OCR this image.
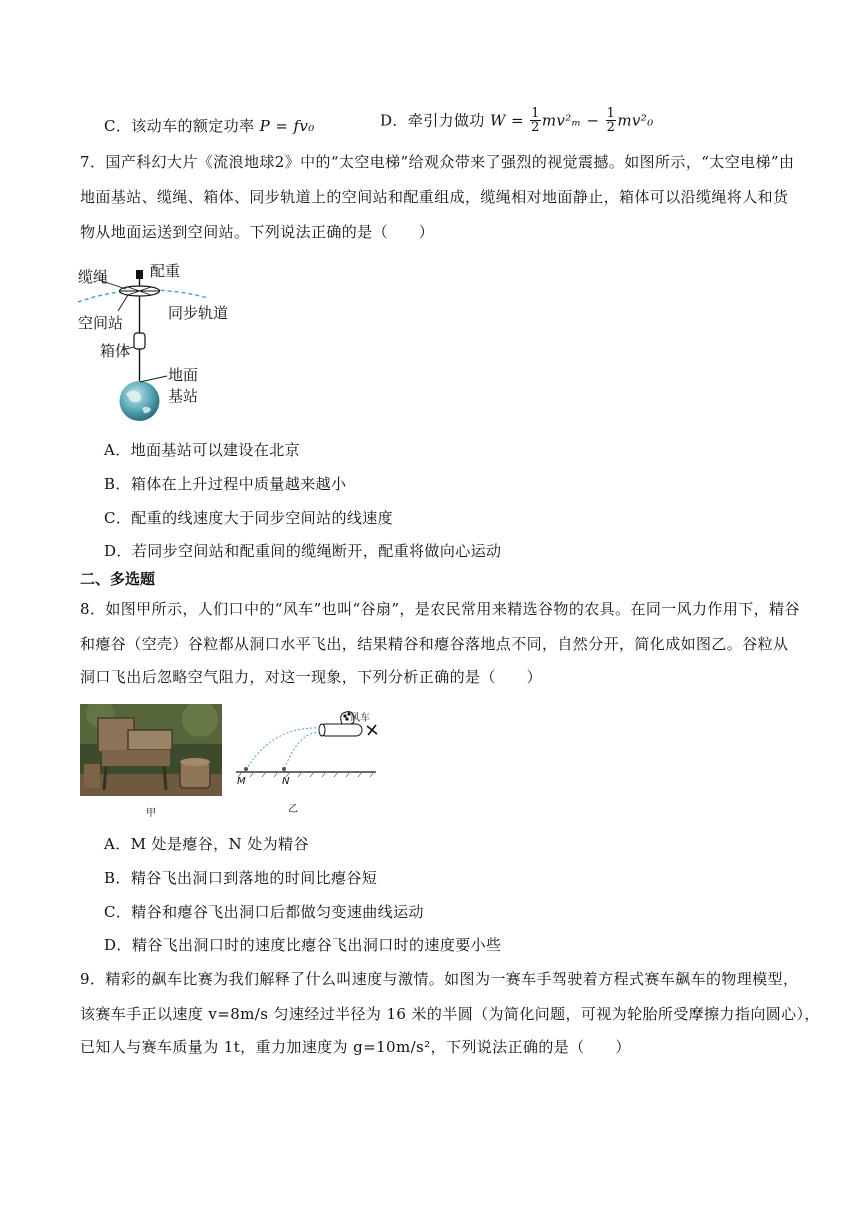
C．该动车的额定功率 P = fv₀	D．牵引力做功 $W = \frac{1}{2} mv^2_m - \frac{1}{2} mv^2_0$
7．国产科幻大片《流浪地球2》中的“太空电梯”给观众带来了强烈的视觉震撼。如图所示，“太空电梯”由
地面基站、缆绳、箱体、同步轨道上的空间站和配重组成，缆绳相对地面静止，箱体可以沿缆绳将人和货
物从地面运送到空间站。下列说法正确的是（　　）
缆绳	配重
空间站
同步轨道
箱体
地面
基站
A．地面基站可以建设在北京
B．箱体在上升过程中质量越来越小
C．配重的线速度大于同步空间站的线速度
D．若同步空间站和配重间的缆绳断开，配重将做向心运动
二、多选题
8．如图甲所示，人们口中的“风车”也叫“谷扇”，是农民常用来精选谷物的农具。在同一风力作用下，精谷
和瘪谷（空壳）谷粒都从洞口水平飞出，结果精谷和瘪谷落地点不同，自然分开，简化成如图乙。谷粒从
洞口飞出后忽略空气阻力，对这一现象，下列分析正确的是（　　）
甲
风车
M	N
乙
A．M 处是瘪谷，N 处为精谷
B．精谷飞出洞口到落地的时间比瘪谷短
C．精谷和瘪谷飞出洞口后都做匀变速曲线运动
D．精谷飞出洞口时的速度比瘪谷飞出洞口时的速度要小些
9．精彩的飙车比赛为我们解释了什么叫速度与激情。如图为一赛车手驾驶着方程式赛车飙车的物理模型，
该赛车手正以速度 v=8m/s 匀速经过半径为 16 米的半圆（为简化问题，可视为轮胎所受摩擦力指向圆心），
已知人与赛车质量为 1t，重力加速度为 g=10m/s²，下列说法正确的是（　　）
